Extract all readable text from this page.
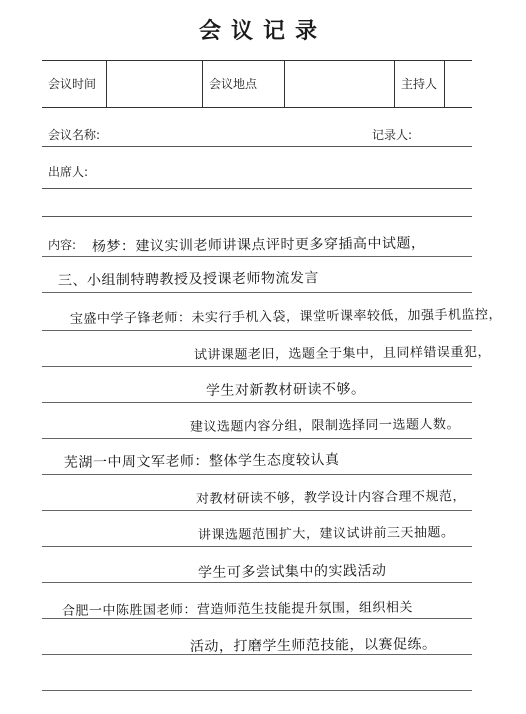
会议记录
会议时间	会议地点	主持人
会议名称:	记录人:
出席人:
内容: 杨梦：建议实训老师讲课点评时更多穿插高中试题，
三、小组制特聘教授及授课老师物流发言
宝盛中学子锋老师：未实行手机入袋，课堂听课率较低，加强手机监控，
试讲课题老旧，选题全于集中，且同样错误重犯，
学生对新教材研读不够。
建议选题内容分组，限制选择同一选题人数。
芜湖一中周文军老师：整体学生态度较认真
对教材研读不够，教学设计内容合理不规范，
讲课选题范围扩大，建议试讲前三天抽题。
学生可多尝试集中的实践活动
合肥一中陈胜国老师：营造师范生技能提升氛围，组织相关
活动，打磨学生师范技能，以赛促练。
